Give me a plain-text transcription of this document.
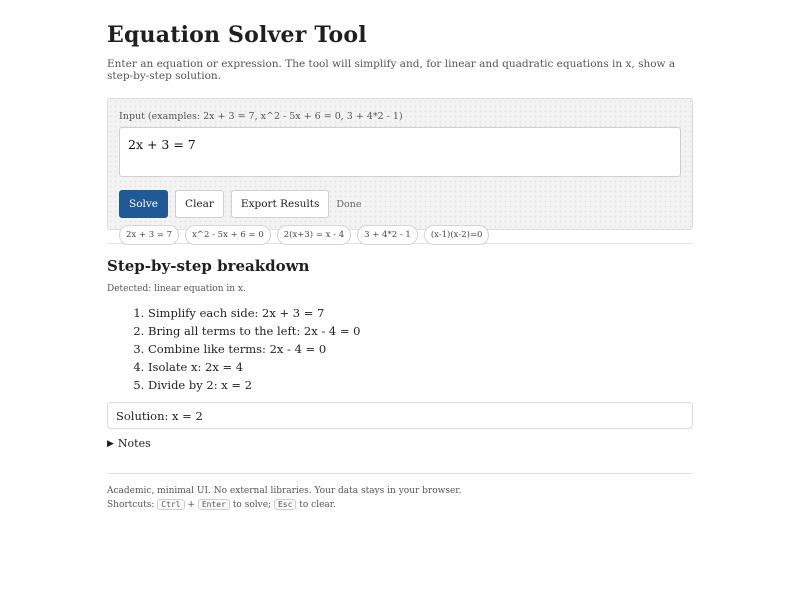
Equation Solver Tool
Enter an equation or expression. The tool will simplify and, for linear and quadratic equations in x, show a step-by-step solution.
Input (examples: 2x + 3 = 7, x^2 - 5x + 6 = 0, 3 + 4*2 - 1)
2x + 3 = 7
Solve	Clear	Export Results	Done
2x + 3 = 7	x^2 - 5x + 6 = 0	2(x+3) = x - 4	3 + 4*2 - 1	(x-1)(x-2)=0
Step-by-step breakdown
Detected: linear equation in x.
1. Simplify each side: 2x + 3 = 7
2. Bring all terms to the left: 2x - 4 = 0
3. Combine like terms: 2x - 4 = 0
4. Isolate x: 2x = 4
5. Divide by 2: x = 2
Solution: x = 2
▶ Notes
Academic, minimal UI. No external libraries. Your data stays in your browser.
Shortcuts: Ctrl + Enter to solve; Esc to clear.
